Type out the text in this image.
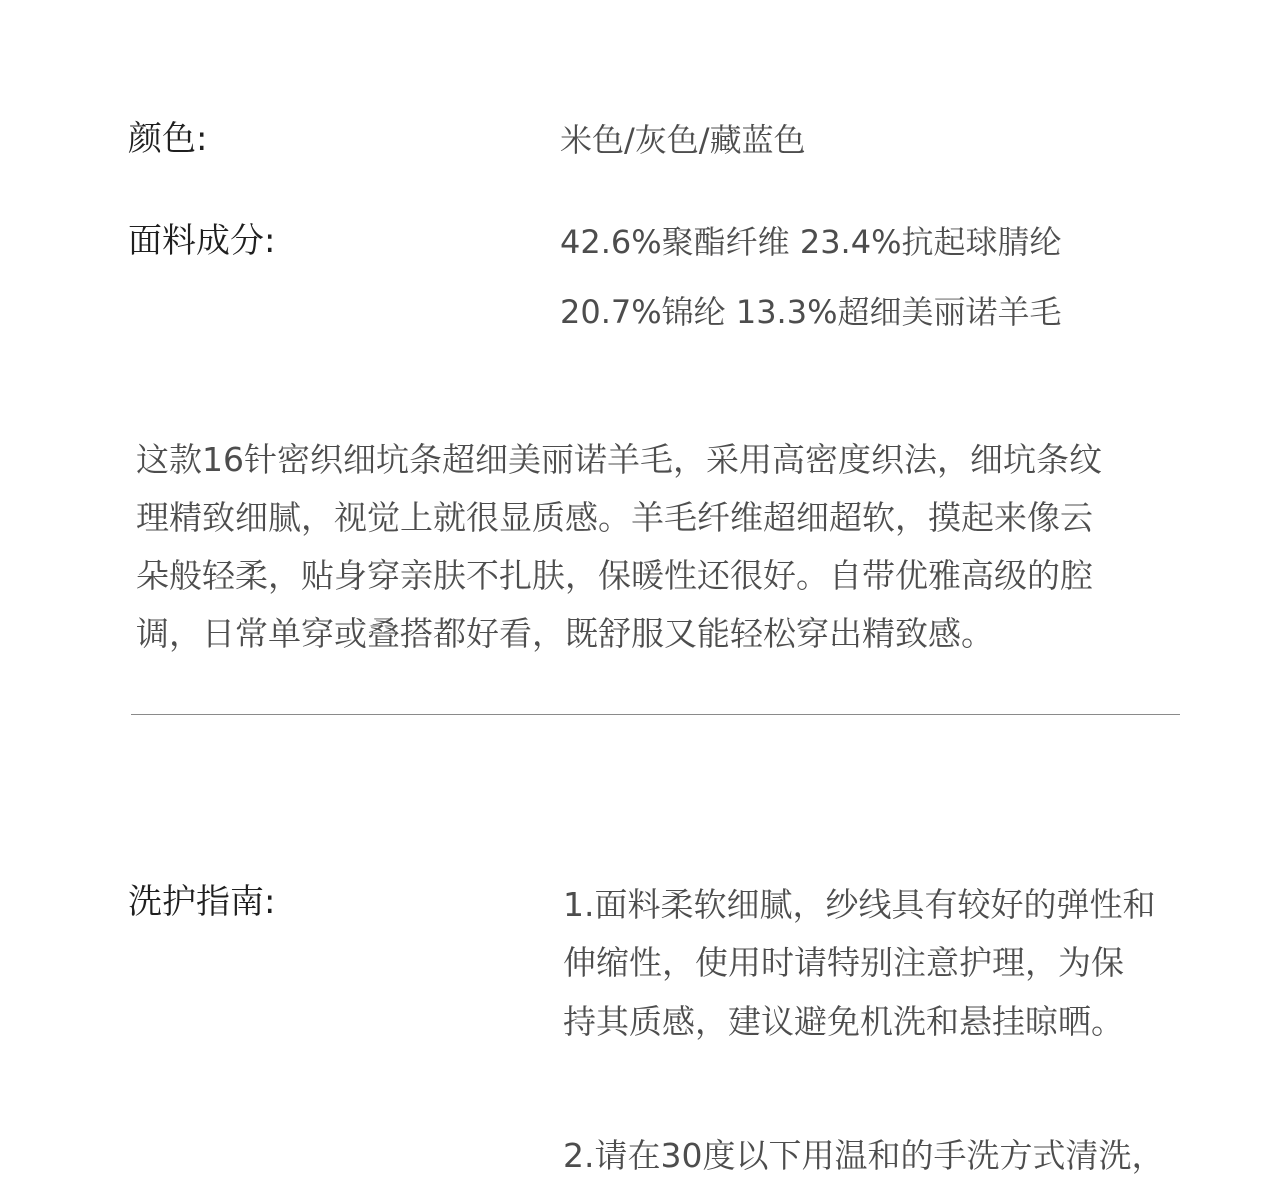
颜色:	米色/灰色/藏蓝色
面料成分:	42.6%聚酯纤维 23.4%抗起球腈纶
20.7%锦纶 13.3%超细美丽诺羊毛
这款16针密织细坑条超细美丽诺羊毛，采用高密度织法，细坑条纹
理精致细腻，视觉上就很显质感。羊毛纤维超细超软，摸起来像云
朵般轻柔，贴身穿亲肤不扎肤，保暖性还很好。自带优雅高级的腔
调，日常单穿或叠搭都好看，既舒服又能轻松穿出精致感。
洗护指南:	1.面料柔软细腻，纱线具有较好的弹性和
伸缩性，使用时请特别注意护理，为保
持其质感，建议避免机洗和悬挂晾晒。
2.请在30度以下用温和的手洗方式清洗，
